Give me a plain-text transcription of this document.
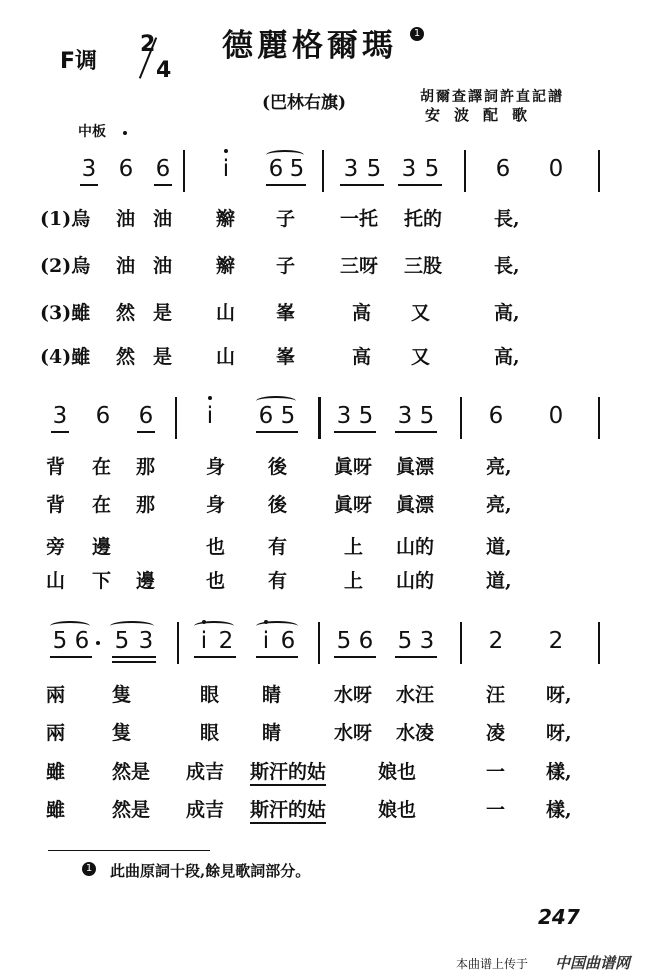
F调
2
4
德麗格爾瑪	1
(巴林右旗)	胡爾查譯詞許直記譜
安波配歌
中板
3 6 6	i	6 5 3 5 3 5 6 0
(1)烏 油 油 辮 子 一托 托的	長,
(2)烏 油 油 辮 子 三呀 三股	長,
(3)雖 然 是 山 峯	高 又	高,
(4)雖 然 是 山 峯	高 又	高,
3 6 6	i	6 5 3 5 3 5 6 0
背 在 那	身 後 眞呀 眞漂	亮,
背 在 那	身 後 眞呀 眞漂	亮,
旁 邊	也 有	上 山的	道,
山 下 邊	也 有	上 山的	道,
5 6 5 3	i 2	i 6 5 6 5 3 2 2
兩 隻	眼 睛	水呀 水汪	汪 呀,
兩 隻	眼 睛	水呀 水凌	凌 呀,
雖 然是 成吉 斯汗的姑	娘也	一 樣,
雖 然是 成吉 斯汗的姑	娘也	一 樣,
1 此曲原詞十段,餘見歌詞部分。
247
本曲谱上传于 中国曲谱网
